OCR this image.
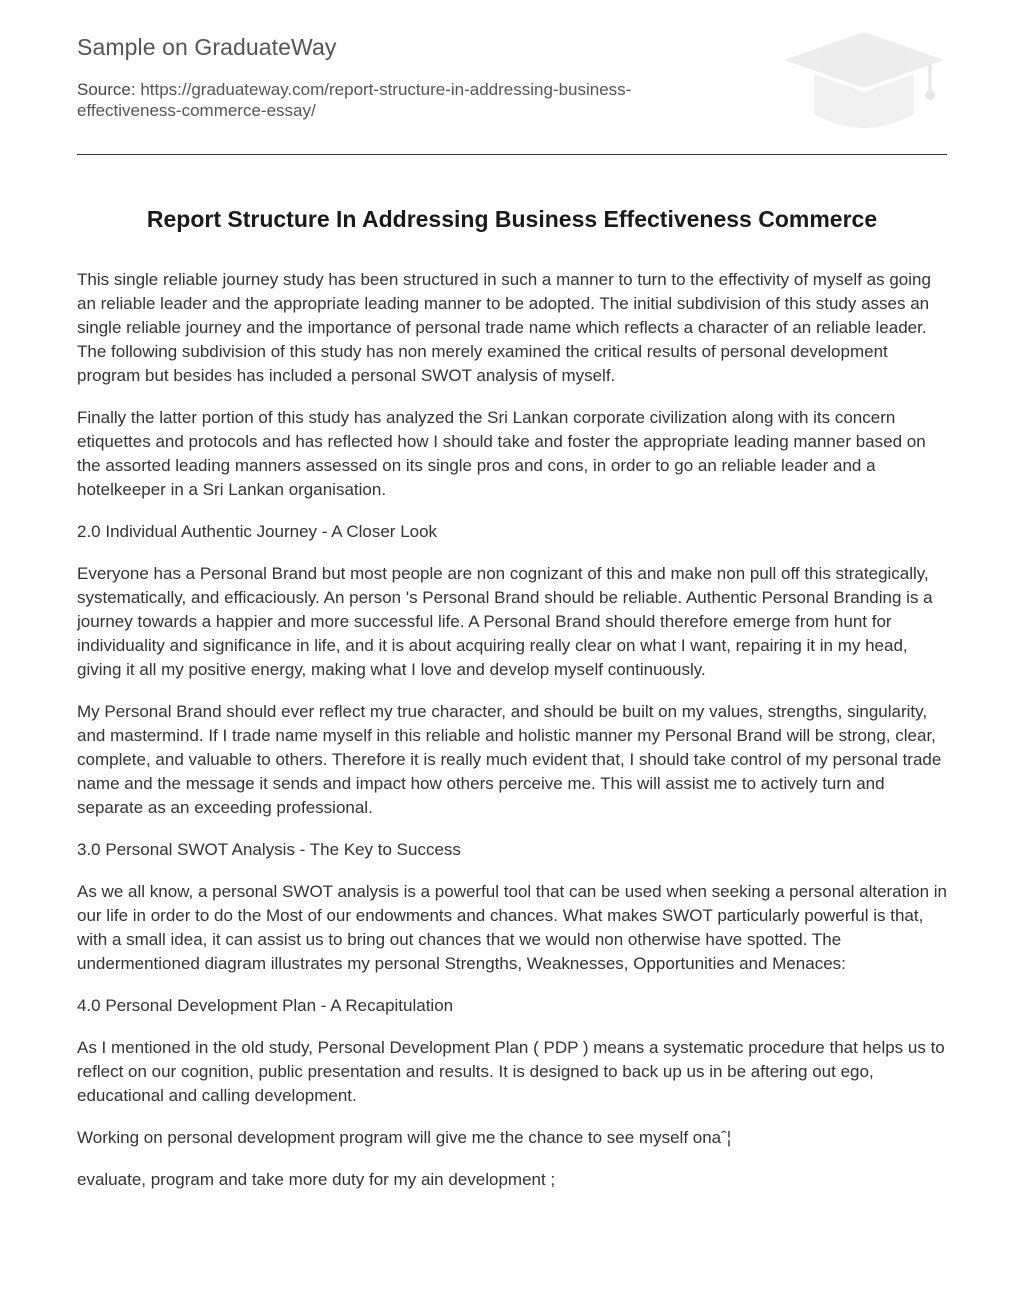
Sample on GraduateWay
Source: https://graduateway.com/report-structure-in-addressing-business-effectiveness-commerce-essay/
Report Structure In Addressing Business Effectiveness Commerce

This single reliable journey study has been structured in such a manner to turn to the effectivity of myself as going an reliable leader and the appropriate leading manner to be adopted. The initial subdivision of this study asses an single reliable journey and the importance of personal trade name which reflects a character of an reliable leader. The following subdivision of this study has non merely examined the critical results of personal development program but besides has included a personal SWOT analysis of myself.

Finally the latter portion of this study has analyzed the Sri Lankan corporate civilization along with its concern etiquettes and protocols and has reflected how I should take and foster the appropriate leading manner based on the assorted leading manners assessed on its single pros and cons, in order to go an reliable leader and a hotelkeeper in a Sri Lankan organisation.

2.0 Individual Authentic Journey - A Closer Look

Everyone has a Personal Brand but most people are non cognizant of this and make non pull off this strategically, systematically, and efficaciously. An person 's Personal Brand should be reliable. Authentic Personal Branding is a journey towards a happier and more successful life. A Personal Brand should therefore emerge from hunt for individuality and significance in life, and it is about acquiring really clear on what I want, repairing it in my head, giving it all my positive energy, making what I love and develop myself continuously.

My Personal Brand should ever reflect my true character, and should be built on my values, strengths, singularity, and mastermind. If I trade name myself in this reliable and holistic manner my Personal Brand will be strong, clear, complete, and valuable to others. Therefore it is really much evident that, I should take control of my personal trade name and the message it sends and impact how others perceive me. This will assist me to actively turn and separate as an exceeding professional.

3.0 Personal SWOT Analysis - The Key to Success

As we all know, a personal SWOT analysis is a powerful tool that can be used when seeking a personal alteration in our life in order to do the Most of our endowments and chances. What makes SWOT particularly powerful is that, with a small idea, it can assist us to bring out chances that we would non otherwise have spotted. The undermentioned diagram illustrates my personal Strengths, Weaknesses, Opportunities and Menaces:

4.0 Personal Development Plan - A Recapitulation

As I mentioned in the old study, Personal Development Plan ( PDP ) means a systematic procedure that helps us to reflect on our cognition, public presentation and results. It is designed to back up us in be aftering out ego, educational and calling development.

Working on personal development program will give me the chance to see myself onaˆ¦

evaluate, program and take more duty for my ain development ;
